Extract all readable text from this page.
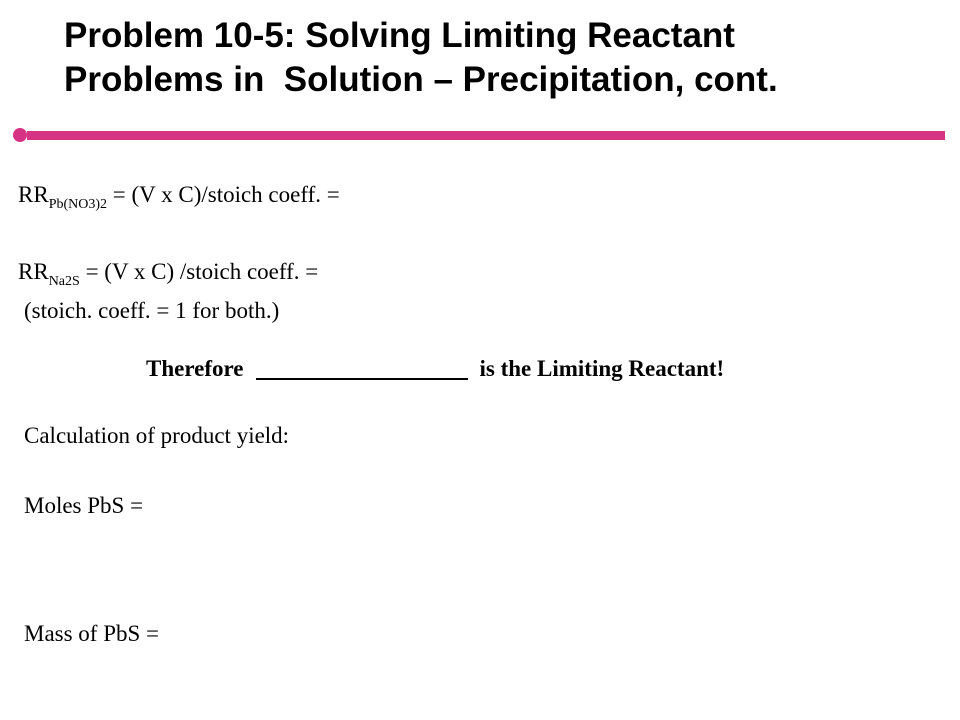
Problem 10-5: Solving Limiting Reactant
Problems in  Solution – Precipitation, cont.
$RR_{Pb(NO3)2} = (V$ x C)/stoich coeff. =
$RR_{Na2S} = (V$ x C) /stoich coeff. =
(stoich. coeff. = 1 for both.)
Therefore	is the Limiting Reactant!
Calculation of product yield:
Moles PbS =
Mass of PbS =
